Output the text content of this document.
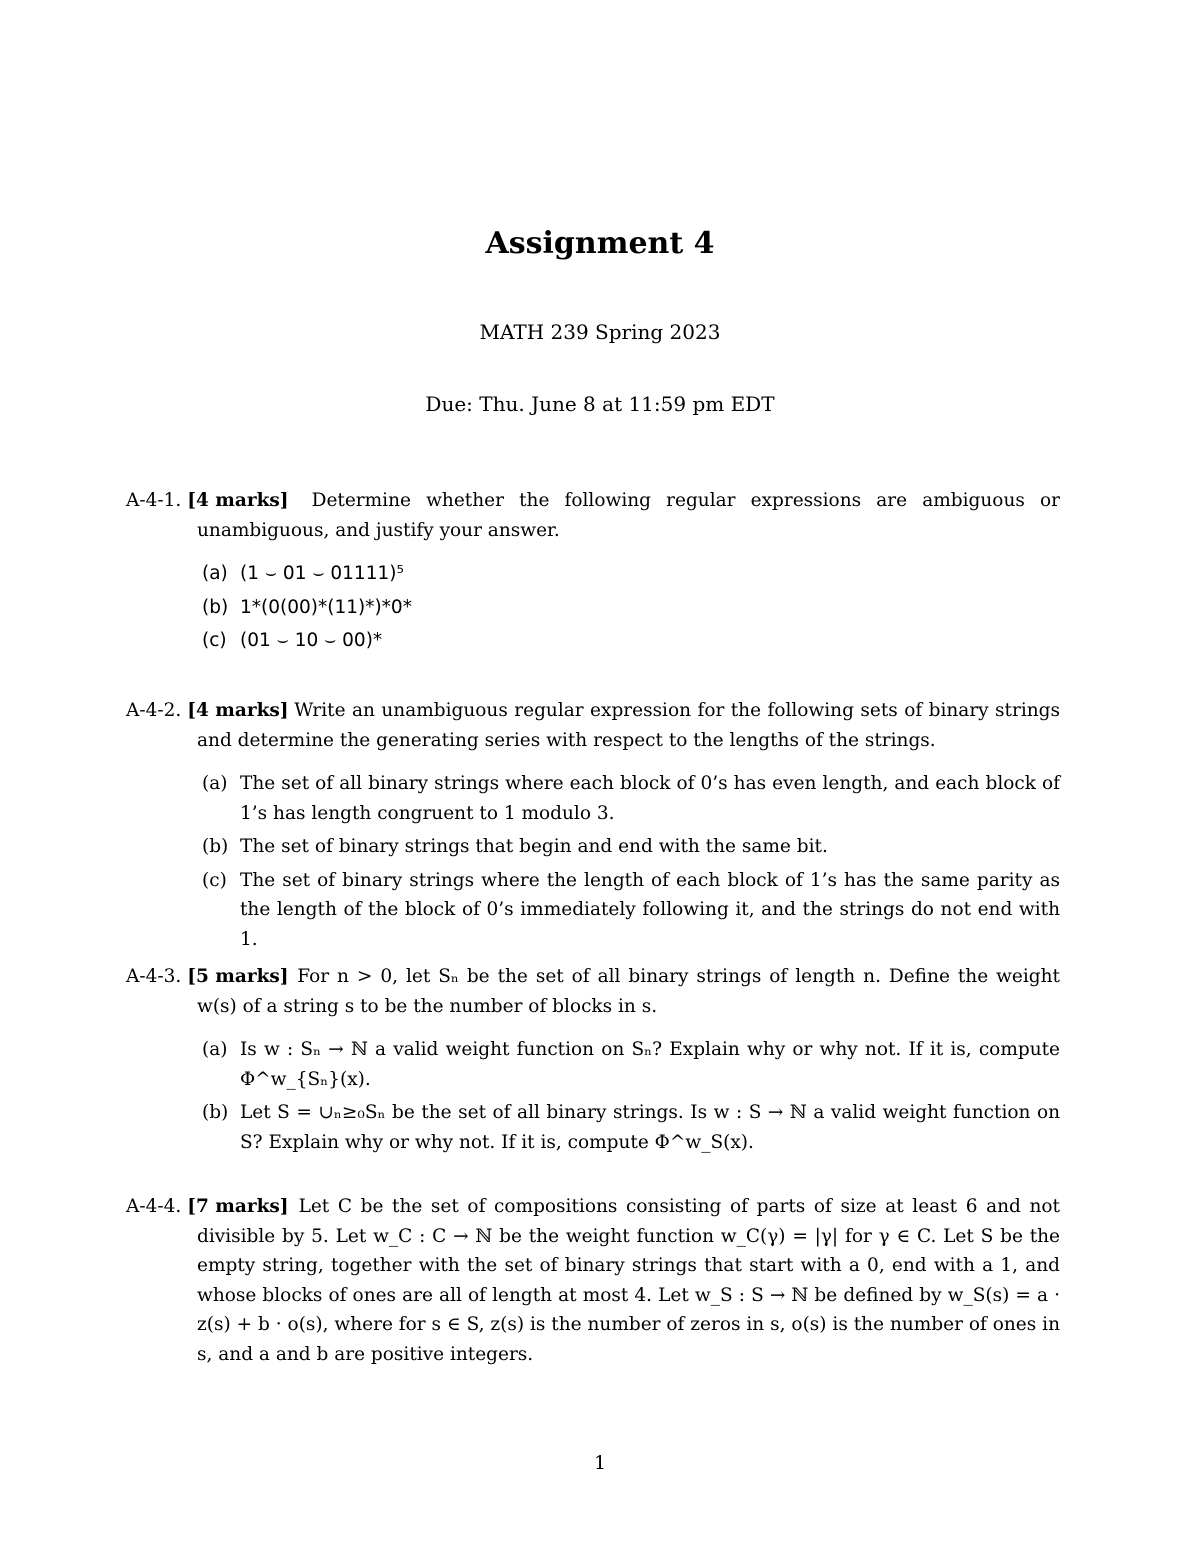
Assignment 4
MATH 239 Spring 2023
Due: Thu. June 8 at 11:59 pm EDT
A-4-1. [4 marks]	Determine whether the following regular expressions are ambiguous or unambiguous, and justify your answer.
(a) (1 ⌣ 01 ⌣ 01111)⁵
(b) 1*(0(00)*(11)*)*0*
(c) (01 ⌣ 10 ⌣ 00)*
A-4-2. [4 marks] Write an unambiguous regular expression for the following sets of binary strings and determine the generating series with respect to the lengths of the strings.
(a) The set of all binary strings where each block of 0’s has even length, and each block of 1’s has length congruent to 1 modulo 3.
(b) The set of binary strings that begin and end with the same bit.
(c) The set of binary strings where the length of each block of 1’s has the same parity as the length of the block of 0’s immediately following it, and the strings do not end with 1.
A-4-3. [5 marks] For n > 0, let Sₙ be the set of all binary strings of length n. Define the weight w(s) of a string s to be the number of blocks in s.
(a) Is w : Sₙ → ℕ a valid weight function on Sₙ? Explain why or why not. If it is, compute Φ^w_{Sₙ}(x).
(b) Let S = ∪ₙ≥₀Sₙ be the set of all binary strings. Is w : S → ℕ a valid weight function on S? Explain why or why not. If it is, compute Φ^w_S(x).
A-4-4. [7 marks] Let C be the set of compositions consisting of parts of size at least 6 and not divisible by 5. Let w_C : C → ℕ be the weight function w_C(γ) = |γ| for γ ∈ C. Let S be the empty string, together with the set of binary strings that start with a 0, end with a 1, and whose blocks of ones are all of length at most 4. Let w_S : S → ℕ be defined by w_S(s) = a · z(s) + b · o(s), where for s ∈ S, z(s) is the number of zeros in s, o(s) is the number of ones in s, and a and b are positive integers.
1
